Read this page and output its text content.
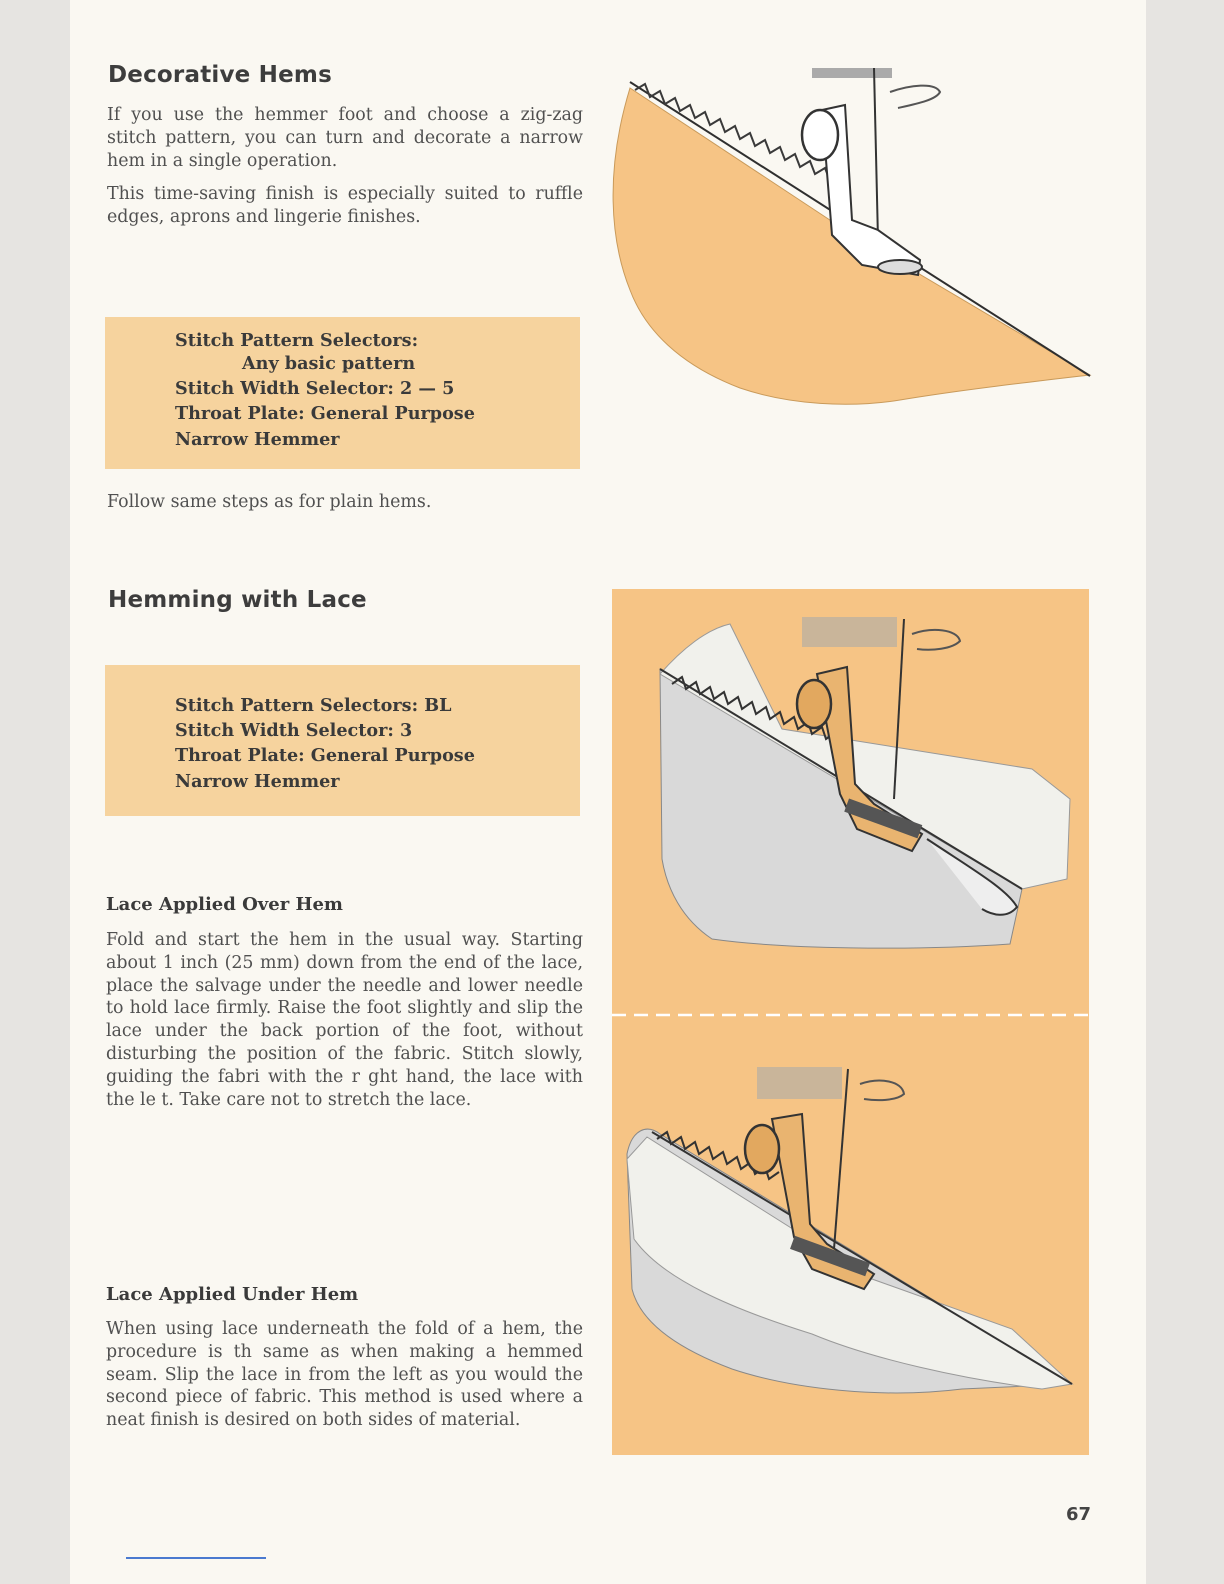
Decorative Hems

If you use the hemmer foot and choose a zig-zag stitch pattern, you can turn and decorate a narrow hem in a single operation.

This time-saving finish is especially suited to ruffle edges, aprons and lingerie finishes.

Stitch Pattern Selectors:
Any basic pattern
Stitch Width Selector: 2 — 5
Throat Plate: General Purpose
Narrow Hemmer

Follow same steps as for plain hems.

Hemming with Lace
Stitch Pattern Selectors: BL
Stitch Width Selector: 3
Throat Plate: General Purpose
Narrow Hemmer
Lace Applied Over Hem

Fold and start the hem in the usual way. Starting about 1 inch (25 mm) down from the end of the lace, place the salvage under the needle and lower needle to hold lace firmly. Raise the foot slightly and slip the lace under the back portion of the foot, without disturbing the position of the fabric. Stitch slowly, guiding the fabri with the r ght hand, the lace with the le t. Take care not to stretch the lace.

Lace Applied Under Hem

When using lace underneath the fold of a hem, the procedure is th same as when making a hemmed seam. Slip the lace in from the left as you would the second piece of fabric. This method is used where a neat finish is desired on both sides of material.

67
